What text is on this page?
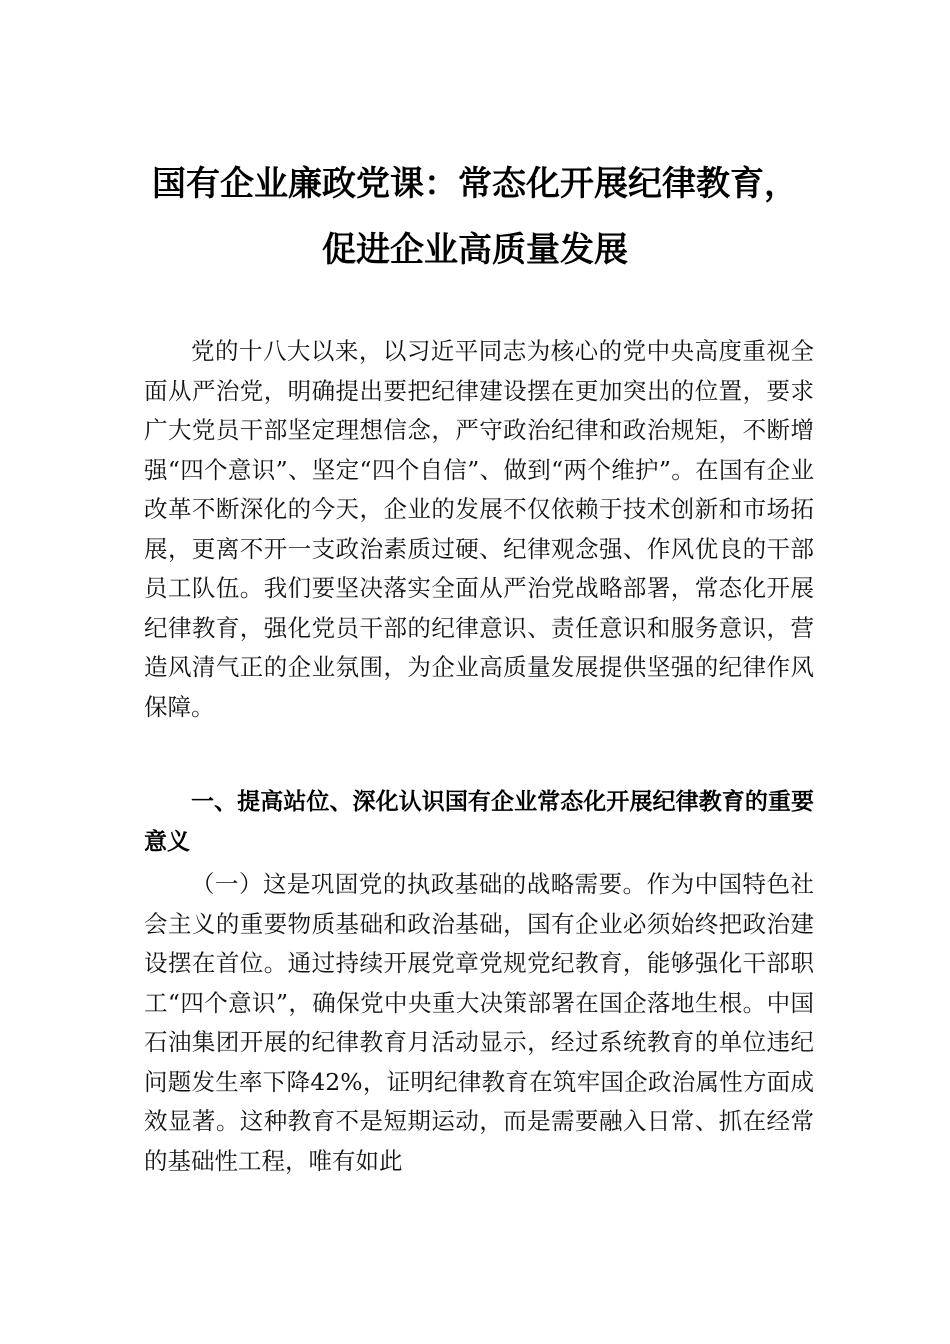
国有企业廉政党课：常态化开展纪律教育，
促进企业高质量发展

党的十八大以来，以习近平同志为核心的党中央高度重视全面从严治党，明确提出要把纪律建设摆在更加突出的位置，要求广大党员干部坚定理想信念，严守政治纪律和政治规矩，不断增强“四个意识”、坚定“四个自信”、做到“两个维护”。在国有企业改革不断深化的今天，企业的发展不仅依赖于技术创新和市场拓展，更离不开一支政治素质过硬、纪律观念强、作风优良的干部员工队伍。我们要坚决落实全面从严治党战略部署，常态化开展纪律教育，强化党员干部的纪律意识、责任意识和服务意识，营造风清气正的企业氛围，为企业高质量发展提供坚强的纪律作风保障。

一、提高站位、深化认识国有企业常态化开展纪律教育的重要意义

（一）这是巩固党的执政基础的战略需要。作为中国特色社会主义的重要物质基础和政治基础，国有企业必须始终把政治建设摆在首位。通过持续开展党章党规党纪教育，能够强化干部职工“四个意识”，确保党中央重大决策部署在国企落地生根。中国石油集团开展的纪律教育月活动显示，经过系统教育的单位违纪问题发生率下降42%，证明纪律教育在筑牢国企政治属性方面成效显著。这种教育不是短期运动，而是需要融入日常、抓在经常的基础性工程，唯有如此
